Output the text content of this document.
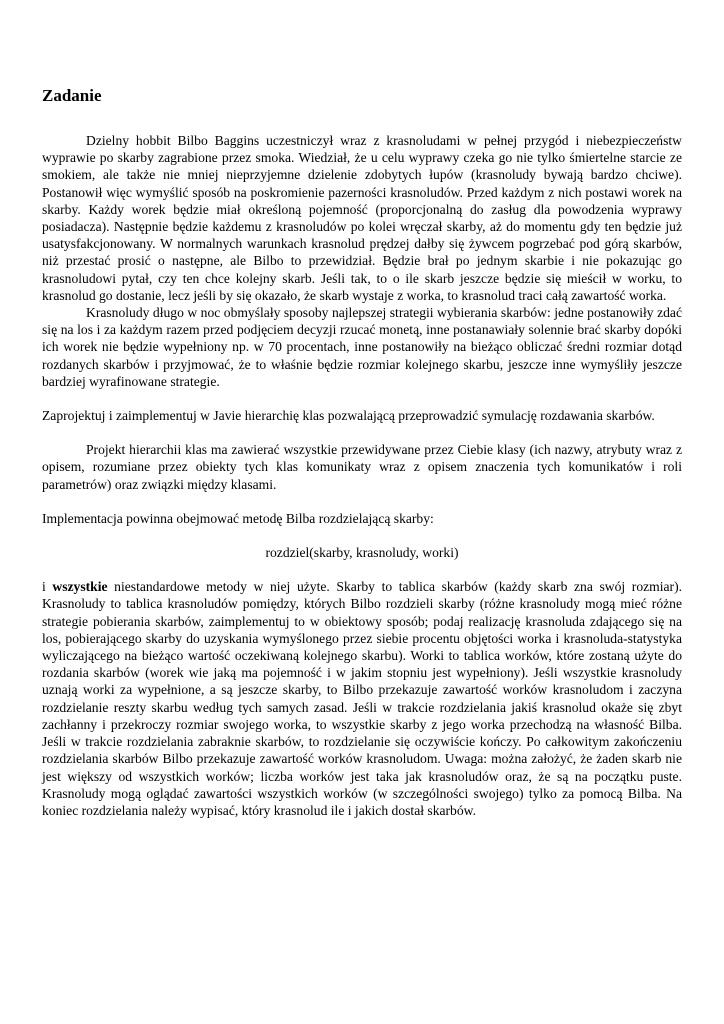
Zadanie

Dzielny hobbit Bilbo Baggins uczestniczył wraz z krasnoludami w pełnej przygód i niebezpieczeństw wyprawie po skarby zagrabione przez smoka. Wiedział, że u celu wyprawy czeka go nie tylko śmiertelne starcie ze smokiem, ale także nie mniej nieprzyjemne dzielenie zdobytych łupów (krasnoludy bywają bardzo chciwe). Postanowił więc wymyślić sposób na poskromienie pazerności krasnoludów. Przed każdym z nich postawi worek na skarby. Każdy worek będzie miał określoną pojemność (proporcjonalną do zasług dla powodzenia wyprawy posiadacza). Następnie będzie każdemu z krasnoludów po kolei wręczał skarby, aż do momentu gdy ten będzie już usatysfakcjonowany. W normalnych warunkach krasnolud prędzej dałby się żywcem pogrzebać pod górą skarbów, niż przestać prosić o następne, ale Bilbo to przewidział. Będzie brał po jednym skarbie i nie pokazując go krasnoludowi pytał, czy ten chce kolejny skarb. Jeśli tak, to o ile skarb jeszcze będzie się mieścił w worku, to krasnolud go dostanie, lecz jeśli by się okazało, że skarb wystaje z worka, to krasnolud traci całą zawartość worka.

Krasnoludy długo w noc obmyślały sposoby najlepszej strategii wybierania skarbów: jedne postanowiły zdać się na los i za każdym razem przed podjęciem decyzji rzucać monetą, inne postanawiały solennie brać skarby dopóki ich worek nie będzie wypełniony np. w 70 procentach, inne postanowiły na bieżąco obliczać średni rozmiar dotąd rozdanych skarbów i przyjmować, że to właśnie będzie rozmiar kolejnego skarbu, jeszcze inne wymyśliły jeszcze bardziej wyrafinowane strategie.

Zaprojektuj i zaimplementuj w Javie hierarchię klas pozwalającą przeprowadzić symulację rozdawania skarbów.

Projekt hierarchii klas ma zawierać wszystkie przewidywane przez Ciebie klasy (ich nazwy, atrybuty wraz z opisem, rozumiane przez obiekty tych klas komunikaty wraz z opisem znaczenia tych komunikatów i roli parametrów) oraz związki między klasami.

Implementacja powinna obejmować metodę Bilba rozdzielającą skarby:

rozdziel(skarby, krasnoludy, worki)

i wszystkie niestandardowe metody w niej użyte. Skarby to tablica skarbów (każdy skarb zna swój rozmiar). Krasnoludy to tablica krasnoludów pomiędzy, których Bilbo rozdzieli skarby (różne krasnoludy mogą mieć różne strategie pobierania skarbów, zaimplementuj to w obiektowy sposób; podaj realizację krasnoluda zdającego się na los, pobierającego skarby do uzyskania wymyślonego przez siebie procentu objętości worka i krasnoluda-statystyka wyliczającego na bieżąco wartość oczekiwaną kolejnego skarbu). Worki to tablica worków, które zostaną użyte do rozdania skarbów (worek wie jaką ma pojemność i w jakim stopniu jest wypełniony). Jeśli wszystkie krasnoludy uznają worki za wypełnione, a są jeszcze skarby, to Bilbo przekazuje zawartość worków krasnoludom i zaczyna rozdzielanie reszty skarbu według tych samych zasad. Jeśli w trakcie rozdzielania jakiś krasnolud okaże się zbyt zachłanny i przekroczy rozmiar swojego worka, to wszystkie skarby z jego worka przechodzą na własność Bilba. Jeśli w trakcie rozdzielania zabraknie skarbów, to rozdzielanie się oczywiście kończy. Po całkowitym zakończeniu rozdzielania skarbów Bilbo przekazuje zawartość worków krasnoludom. Uwaga: można założyć, że żaden skarb nie jest większy od wszystkich worków; liczba worków jest taka jak krasnoludów oraz, że są na początku puste. Krasnoludy mogą oglądać zawartości wszystkich worków (w szczególności swojego) tylko za pomocą Bilba. Na koniec rozdzielania należy wypisać, który krasnolud ile i jakich dostał skarbów.
